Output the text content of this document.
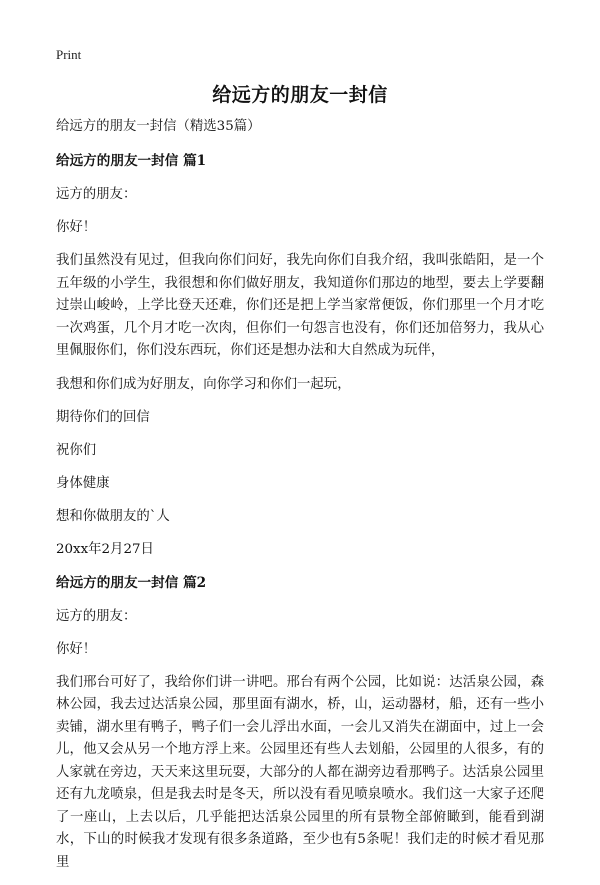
Print
给远方的朋友一封信

给远方的朋友一封信（精选35篇）

给远方的朋友一封信 篇1

远方的朋友：

你好！

我们虽然没有见过，但我向你们问好，我先向你们自我介绍，我叫张皓阳，是一个五年级的小学生，我很想和你们做好朋友，我知道你们那边的地型，要去上学要翻过崇山峻岭，上学比登天还难，你们还是把上学当家常便饭，你们那里一个月才吃一次鸡蛋，几个月才吃一次肉，但你们一句怨言也没有，你们还加倍努力，我从心里佩服你们，你们没东西玩，你们还是想办法和大自然成为玩伴，

我想和你们成为好朋友，向你学习和你们一起玩，

期待你们的回信

祝你们

身体健康

想和你做朋友的`人

20xx年2月27日

给远方的朋友一封信 篇2

远方的朋友：

你好！

我们邢台可好了，我给你们讲一讲吧。邢台有两个公园，比如说：达活泉公园，森林公园，我去过达活泉公园，那里面有湖水，桥，山，运动器材，船，还有一些小卖铺，湖水里有鸭子，鸭子们一会儿浮出水面，一会儿又消失在湖面中，过上一会儿，他又会从另一个地方浮上来。公园里还有些人去划船，公园里的人很多，有的人家就在旁边，天天来这里玩耍，大部分的人都在湖旁边看那鸭子。达活泉公园里还有九龙喷泉，但是我去时是冬天，所以没有看见喷泉喷水。我们这一大家子还爬了一座山，上去以后，几乎能把达活泉公园里的所有景物全部俯瞰到，能看到湖水，下山的时候我才发现有很多条道路，至少也有5条呢！我们走的时候才看见那里
